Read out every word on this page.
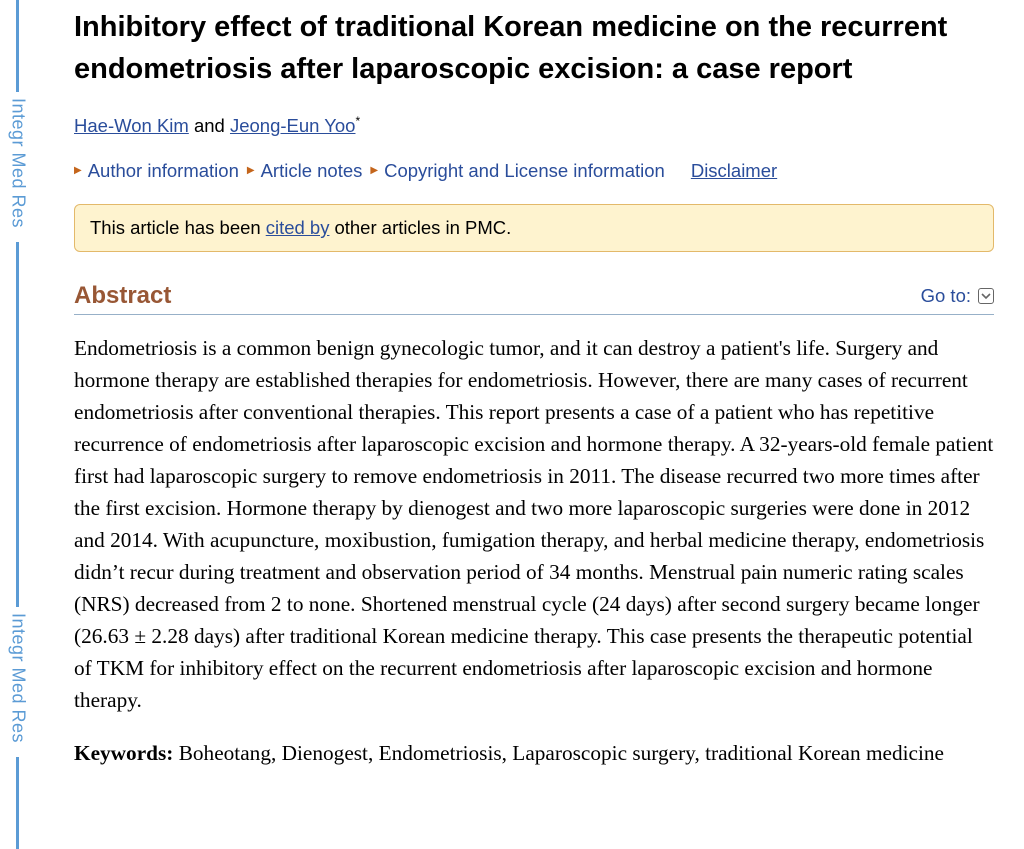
Integr Med Res
Integr Med Res
Inhibitory effect of traditional Korean medicine on the recurrent endometriosis after laparoscopic excision: a case report
Hae-Won Kim and Jeong-Eun Yoo*
▶ Author information ▶ Article notes ▶ Copyright and License information Disclaimer
This article has been cited by other articles in PMC.
Abstract	Go to:

Endometriosis is a common benign gynecologic tumor, and it can destroy a patient's life. Surgery and hormone therapy are established therapies for endometriosis. However, there are many cases of recurrent endometriosis after conventional therapies. This report presents a case of a patient who has repetitive recurrence of endometriosis after laparoscopic excision and hormone therapy. A 32-years-old female patient first had laparoscopic surgery to remove endometriosis in 2011. The disease recurred two more times after the first excision. Hormone therapy by dienogest and two more laparoscopic surgeries were done in 2012 and 2014. With acupuncture, moxibustion, fumigation therapy, and herbal medicine therapy, endometriosis didn’t recur during treatment and observation period of 34 months. Menstrual pain numeric rating scales (NRS) decreased from 2 to none. Shortened menstrual cycle (24 days) after second surgery became longer (26.63 ± 2.28 days) after traditional Korean medicine therapy. This case presents the therapeutic potential of TKM for inhibitory effect on the recurrent endometriosis after laparoscopic excision and hormone therapy.

Keywords: Boheotang, Dienogest, Endometriosis, Laparoscopic surgery, traditional Korean medicine
